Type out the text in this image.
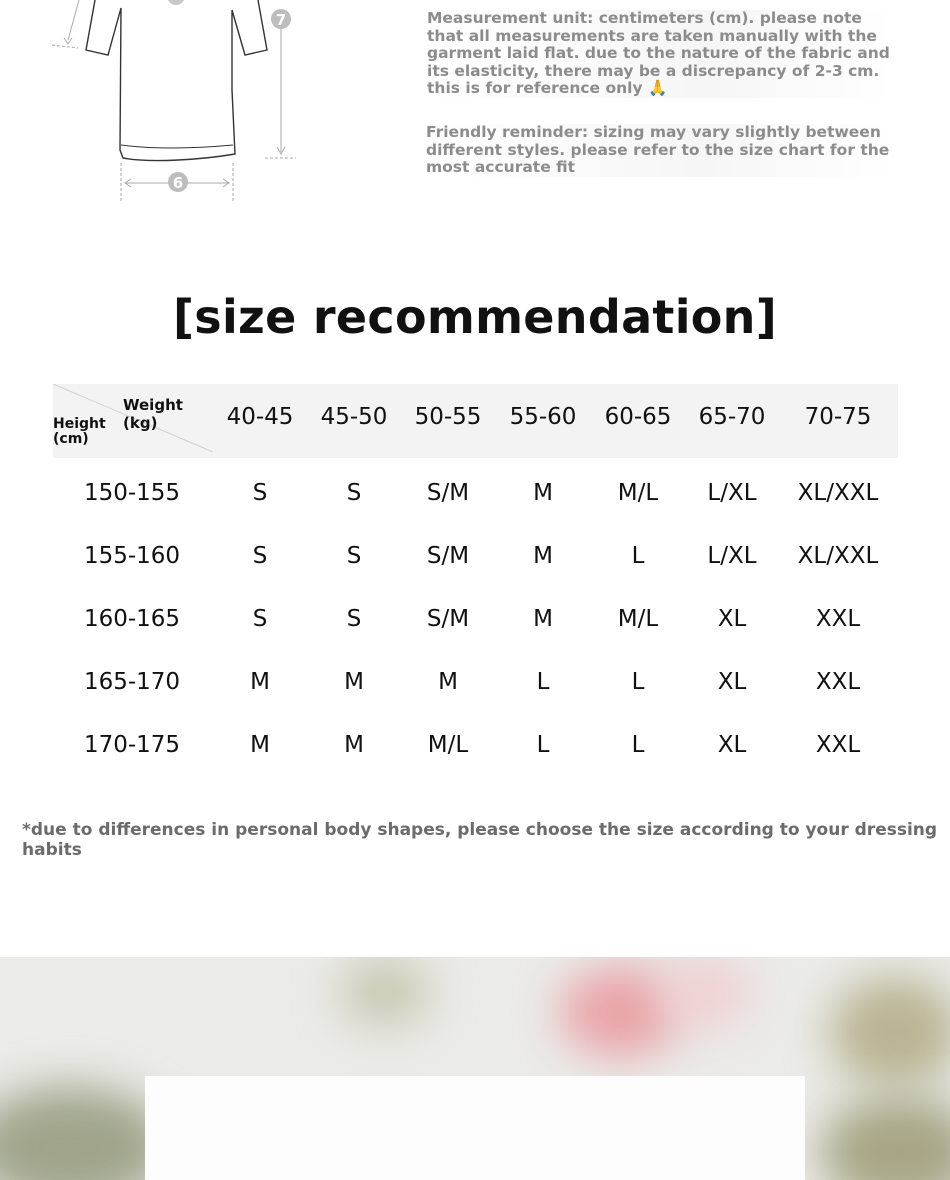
7
6

Measurement unit: centimeters (cm). please note that all measurements are taken manually with the garment laid flat. due to the nature of the fabric and its elasticity, there may be a discrepancy of 2-3 cm. this is for reference only 🙏

Friendly reminder: sizing may vary slightly between different styles. please refer to the size chart for the most accurate fit

[size recommendation]
Weight (kg)
Height
(cm)
40-45	45-50	50-55	55-60	60-65	65-70	70-75
150-155	S	S	S/M	M	M/L	L/XL	XL/XXL
155-160	S	S	S/M	M	L	L/XL	XL/XXL
160-165	S	S	S/M	M	M/L	XL	XXL
165-170	M	M	M	L	L	XL	XXL
170-175	M	M	M/L	L	L	XL	XXL
*due to differences in personal body shapes, please choose the size according to your dressing habits
